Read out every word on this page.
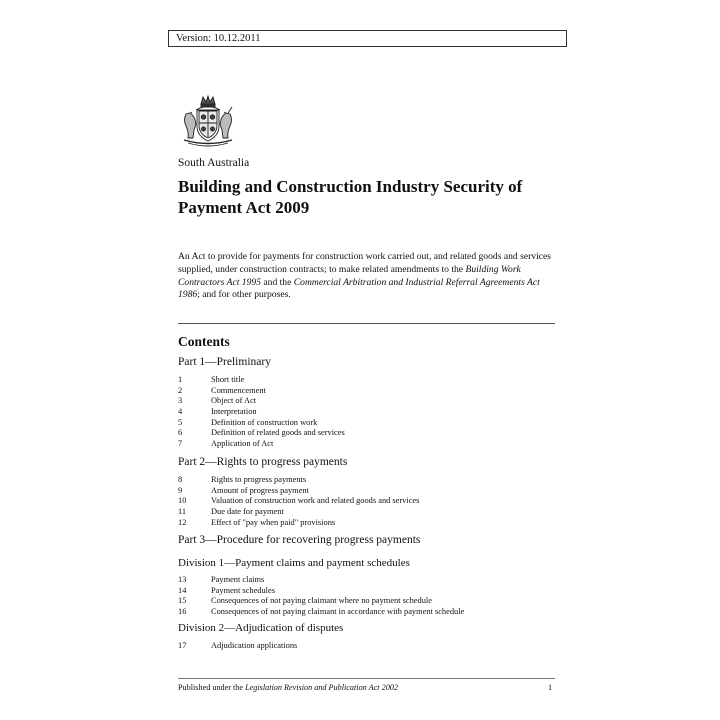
Version: 10.12.2011
South Australia
Building and Construction Industry Security of Payment Act 2009

An Act to provide for payments for construction work carried out, and related goods and services supplied, under construction contracts; to make related amendments to the Building Work Contractors Act 1995 and the Commercial Arbitration and Industrial Referral Agreements Act 1986; and for other purposes.

Contents
Part 1—Preliminary
1	Short title
2	Commencement
3	Object of Act
4	Interpretation
5	Definition of construction work
6	Definition of related goods and services
7	Application of Act
Part 2—Rights to progress payments
8	Rights to progress payments
9	Amount of progress payment
10	Valuation of construction work and related goods and services
11	Due date for payment
12	Effect of "pay when paid" provisions
Part 3—Procedure for recovering progress payments
Division 1—Payment claims and payment schedules
13	Payment claims
14	Payment schedules
15	Consequences of not paying claimant where no payment schedule
16	Consequences of not paying claimant in accordance with payment schedule
Division 2—Adjudication of disputes
17	Adjudication applications
Published under the Legislation Revision and Publication Act 2002	1
